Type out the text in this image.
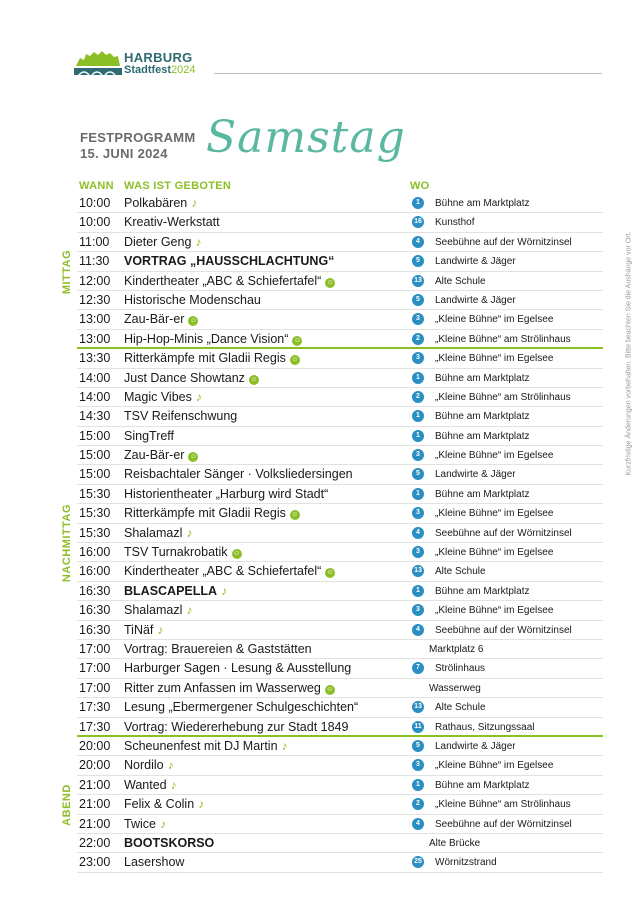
HARBURG
Stadtfest2024
FESTPROGRAMM
15. JUNI 2024 Samstag
WANN WAS IST GEBOTEN	WO
Kurzfristige Änderungen vorbehalten. Bitte beachten Sie die Aushänge vor Ort.
MITTAG
NACHMITTAG
ABEND
10:00 Polkabären ♪	1	Bühne am Marktplatz
10:00 Kreativ-Werkstatt	16 Kunsthof
11:00 Dieter Geng ♪	4	Seebühne auf der Wörnitzinsel
11:30 VORTRAG „HAUSSCHLACHTUNG“	5	Landwirte & Jäger
12:00 Kindertheater „ABC & Schiefertafel“ ☺	13 Alte Schule
12:30 Historische Modenschau	5	Landwirte & Jäger
13:00 Zau-Bär-er ☺	3	„Kleine Bühne“ im Egelsee
13:00 Hip-Hop-Minis „Dance Vision“ ☺	2	„Kleine Bühne“ am Strölinhaus
13:30 Ritterkämpfe mit Gladii Regis ☺	3	„Kleine Bühne“ im Egelsee
14:00 Just Dance Showtanz ☺	1	Bühne am Marktplatz
14:00 Magic Vibes ♪	2	„Kleine Bühne“ am Strölinhaus
14:30 TSV Reifenschwung	1	Bühne am Marktplatz
15:00 SingTreff	1	Bühne am Marktplatz
15:00 Zau-Bär-er ☺	3	„Kleine Bühne“ im Egelsee
15:00 Reisbachtaler Sänger · Volksliedersingen	5	Landwirte & Jäger
15:30 Historientheater „Harburg wird Stadt“	1	Bühne am Marktplatz
15:30 Ritterkämpfe mit Gladii Regis ☺	3	„Kleine Bühne“ im Egelsee
15:30 Shalamazl ♪	4	Seebühne auf der Wörnitzinsel
16:00 TSV Turnakrobatik ☺	3	„Kleine Bühne“ im Egelsee
16:00 Kindertheater „ABC & Schiefertafel“ ☺	13 Alte Schule
16:30 BLASCAPELLA ♪	1	Bühne am Marktplatz
16:30 Shalamazl ♪	3	„Kleine Bühne“ im Egelsee
16:30 TiNäf ♪	4	Seebühne auf der Wörnitzinsel
17:00 Vortrag: Brauereien & Gaststätten	Marktplatz 6
17:00 Harburger Sagen · Lesung & Ausstellung	7	Strölinhaus
17:00 Ritter zum Anfassen im Wasserweg ☺	Wasserweg
17:30 Lesung „Ebermergener Schulgeschichten“	13 Alte Schule
17:30 Vortrag: Wiedererhebung zur Stadt 1849	11 Rathaus, Sitzungssaal
20:00 Scheunenfest mit DJ Martin ♪	5	Landwirte & Jäger
20:00 Nordilo ♪	3	„Kleine Bühne“ im Egelsee
21:00 Wanted ♪	1	Bühne am Marktplatz
21:00 Felix & Colin ♪	2	„Kleine Bühne“ am Strölinhaus
21:00 Twice ♪	4	Seebühne auf der Wörnitzinsel
22:00 BOOTSKORSO	Alte Brücke
23:00 Lasershow	25 Wörnitzstrand
